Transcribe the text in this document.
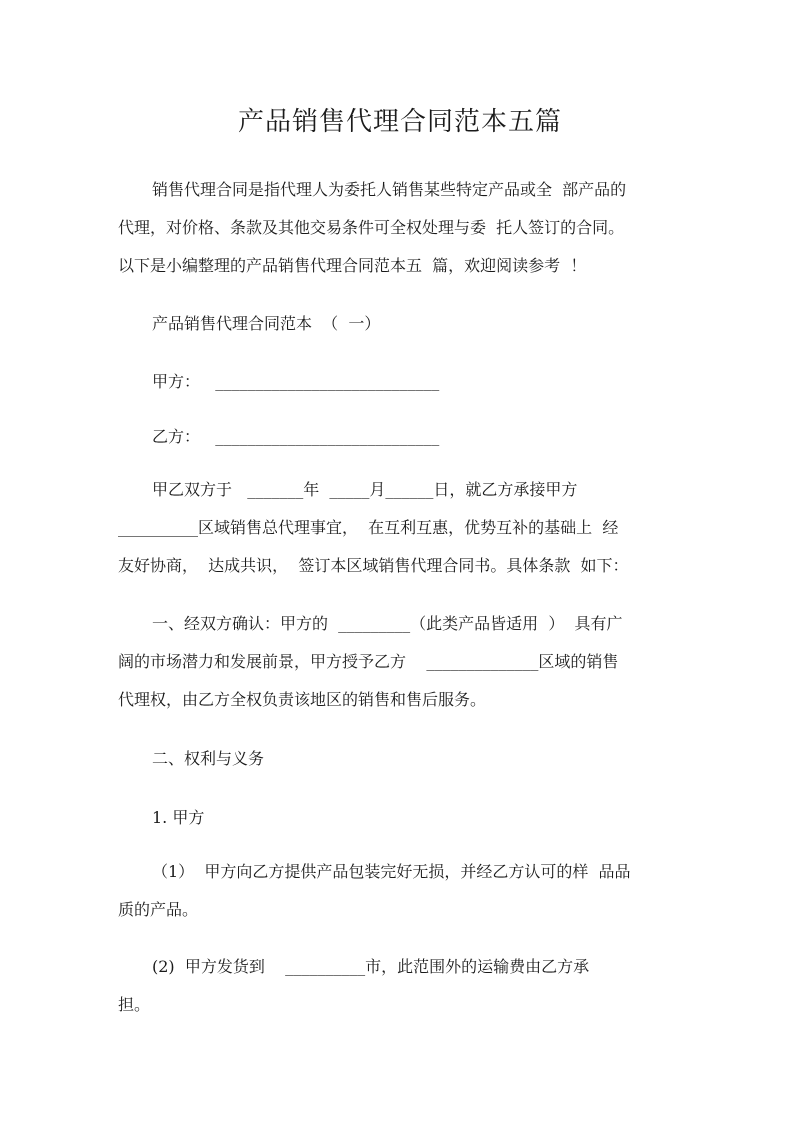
产品销售代理合同范本五篇

销售代理合同是指代理人为委托人销售某些特定产品或全  部产品的
代理，对价格、条款及其他交易条件可全权处理与委  托人签订的合同。
以下是小编整理的产品销售代理合同范本五  篇，欢迎阅读参考  ！

产品销售代理合同范本  （  一）

甲方：   ____________________________

乙方：   ____________________________

甲乙双方于   _______年  _____月______日，就乙方承接甲方
__________区域销售总代理事宜，  在互利互惠，优势互补的基础上  经
友好协商，  达成共识，  签订本区域销售代理合同书。具体条款  如下：

一、经双方确认：甲方的  _________（此类产品皆适用  ）  具有广
阔的市场潜力和发展前景，甲方授予乙方    ______________区域的销售
代理权，由乙方全权负责该地区的销售和售后服务。

二、权利与义务

1. 甲方

（1）  甲方向乙方提供产品包装完好无损，并经乙方认可的样  品品
质的产品。

(2)  甲方发货到    __________市，此范围外的运输费由乙方承
担。
